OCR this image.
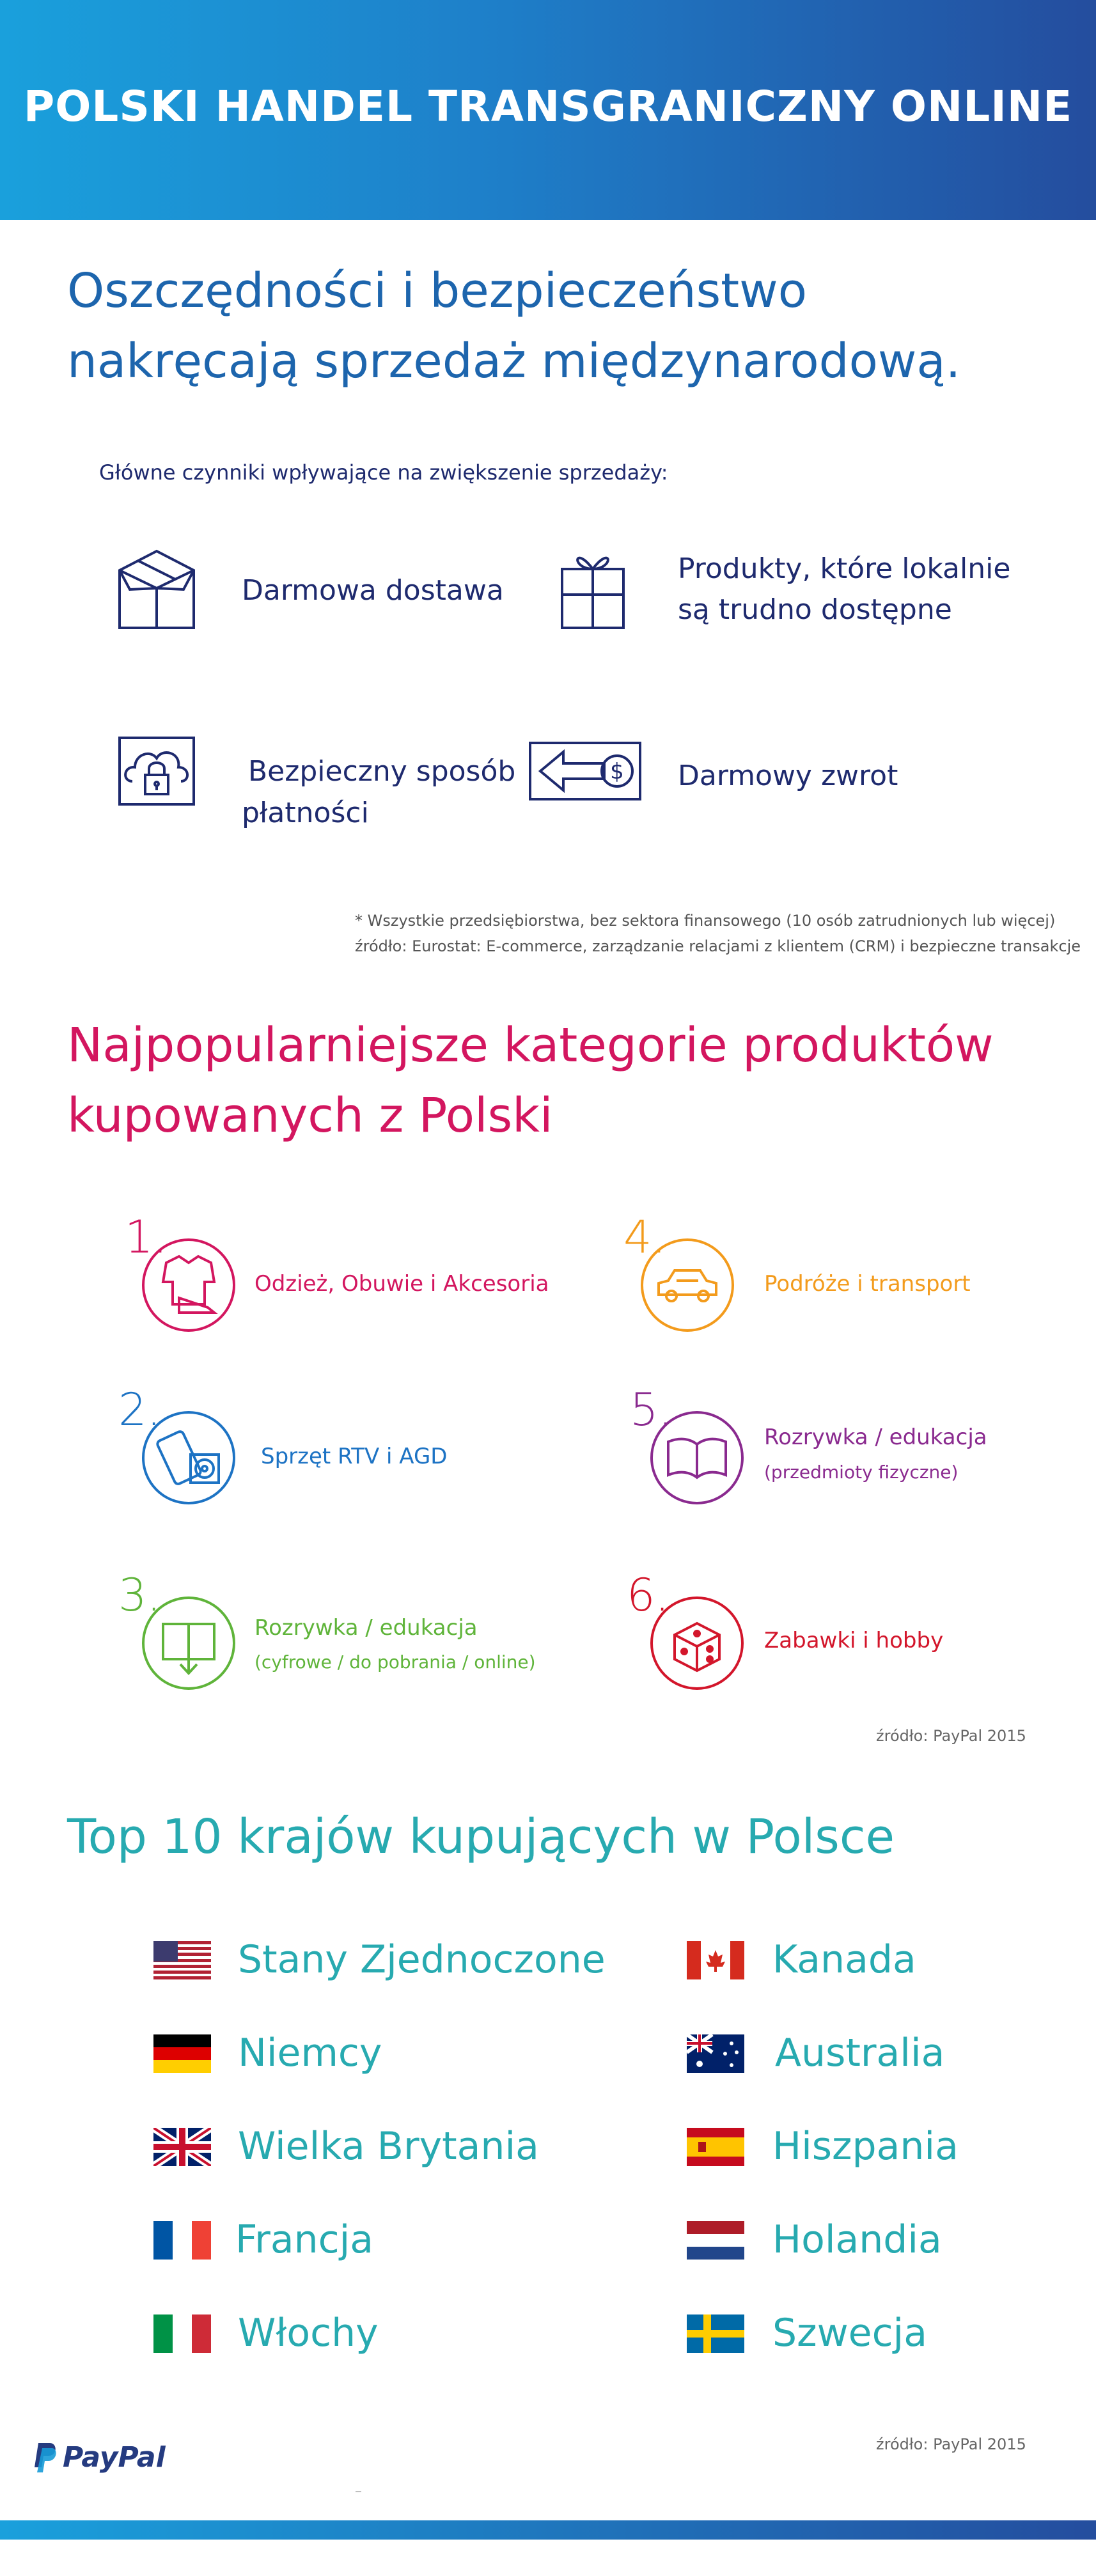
POLSKI HANDEL TRANSGRANICZNY ONLINE
Oszczędności i bezpieczeństwo
nakręcają sprzedaż międzynarodową.
Główne czynniki wpływające na zwiększenie sprzedaży:
Darmowa dostawa
Produkty, które lokalnie
są trudno dostępne
Bezpieczny sposób
płatności
$ Darmowy zwrot
* Wszystkie przedsiębiorstwa, bez sektora finansowego (10 osób zatrudnionych lub więcej)
źródło: Eurostat: E-commerce, zarządzanie relacjami z klientem (CRM) i bezpieczne transakcje
Najpopularniejsze kategorie produktów
kupowanych z Polski
1.
Odzież, Obuwie i Akcesoria
2.
Sprzęt RTV i AGD
3.
Rozrywka / edukacja
(cyfrowe / do pobrania / online)
4.
Podróże i transport
5.
Rozrywka / edukacja
(przedmioty fizyczne)
6.
Zabawki i hobby
źródło: PayPal 2015
Top 10 krajów kupujących w Polsce
Stany Zjednoczone
Niemcy
Wielka Brytania
Francja
Włochy
Kanada
Australia
Hiszpania
Holandia
Szwecja
źródło: PayPal 2015
PayPal
–
